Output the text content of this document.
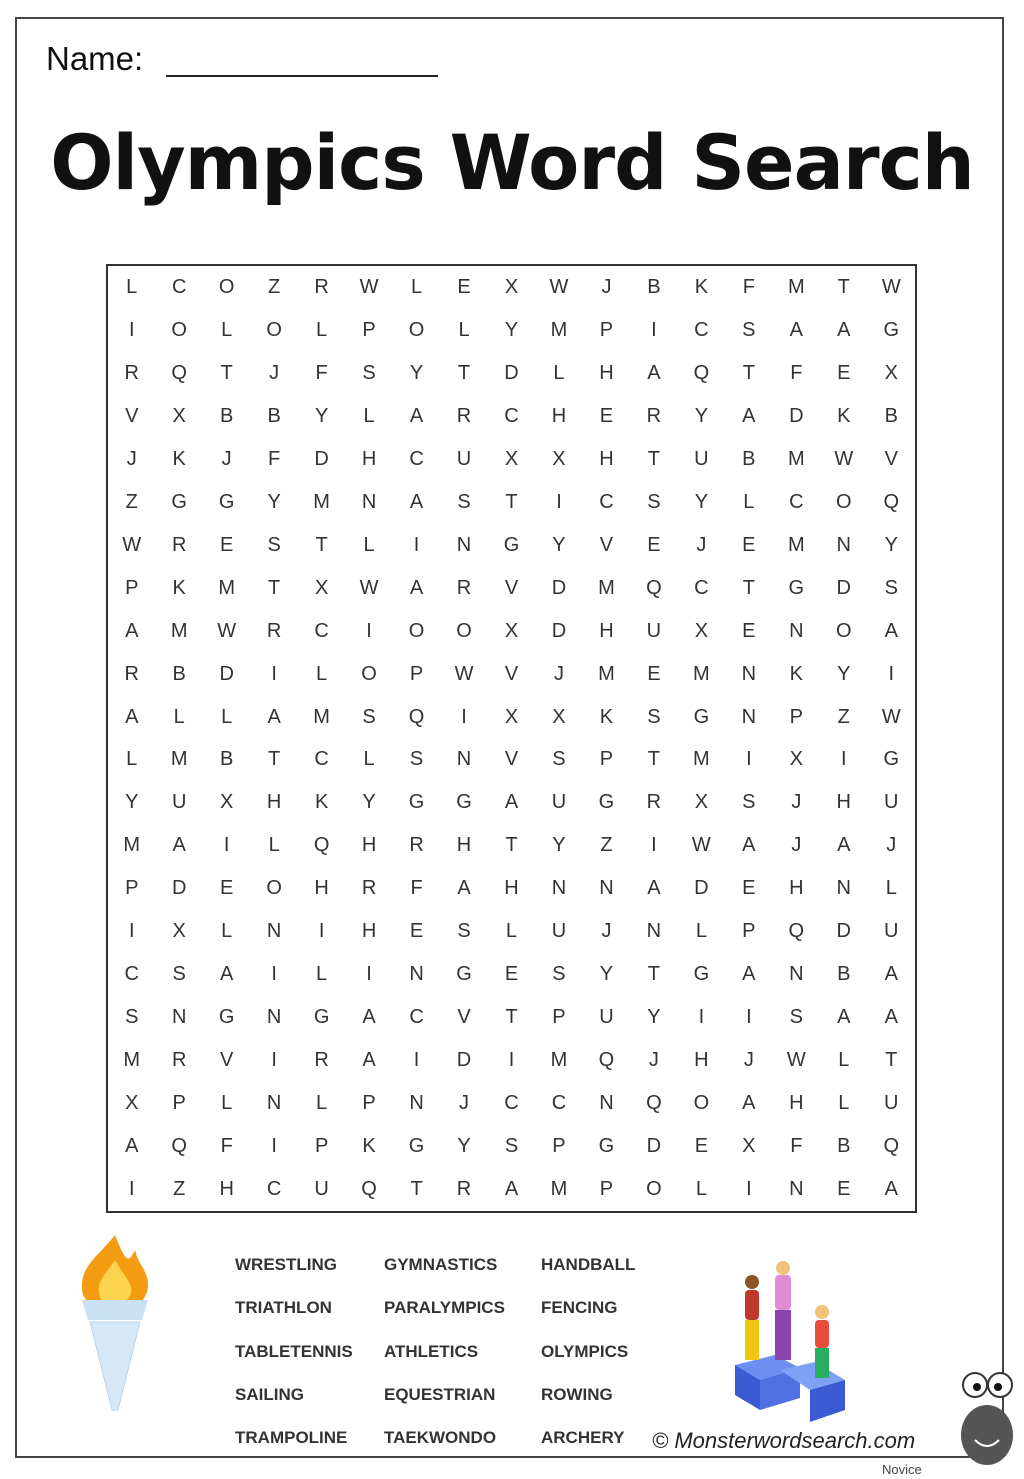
Name:
Olympics Word Search
L	C	O	Z	R	W	L	E	X	W	J	B	K	F	M	T	W
I	O	L	O	L	P	O	L	Y	M	P	I	C	S	A	A	G
R	Q	T	J	F	S	Y	T	D	L	H	A	Q	T	F	E	X
V	X	B	B	Y	L	A	R	C	H	E	R	Y	A	D	K	B
J	K	J	F	D	H	C	U	X	X	H	T	U	B	M	W	V
Z	G	G	Y	M	N	A	S	T	I	C	S	Y	L	C	O	Q
W	R	E	S	T	L	I	N	G	Y	V	E	J	E	M	N	Y
P	K	M	T	X	W	A	R	V	D	M	Q	C	T	G	D	S
A	M	W	R	C	I	O	O	X	D	H	U	X	E	N	O	A
R	B	D	I	L	O	P	W	V	J	M	E	M	N	K	Y	I
A	L	L	A	M	S	Q	I	X	X	K	S	G	N	P	Z	W
L	M	B	T	C	L	S	N	V	S	P	T	M	I	X	I	G
Y	U	X	H	K	Y	G	G	A	U	G	R	X	S	J	H	U
M	A	I	L	Q	H	R	H	T	Y	Z	I	W	A	J	A	J
P	D	E	O	H	R	F	A	H	N	N	A	D	E	H	N	L
I	X	L	N	I	H	E	S	L	U	J	N	L	P	Q	D	U
C	S	A	I	L	I	N	G	E	S	Y	T	G	A	N	B	A
S	N	G	N	G	A	C	V	T	P	U	Y	I	I	S	A	A
M	R	V	I	R	A	I	D	I	M	Q	J	H	J	W	L	T
X	P	L	N	L	P	N	J	C	C	N	Q	O	A	H	L	U
A	Q	F	I	P	K	G	Y	S	P	G	D	E	X	F	B	Q
I	Z	H	C	U	Q	T	R	A	M	P	O	L	I	N	E	A
WRESTLING
TRIATHLON
TABLETENNIS
SAILING
TRAMPOLINE
GYMNASTICS
PARALYMPICS
ATHLETICS
EQUESTRIAN
TAEKWONDO
HANDBALL
FENCING
OLYMPICS
ROWING
ARCHERY © Monsterwordsearch.com
Novice
